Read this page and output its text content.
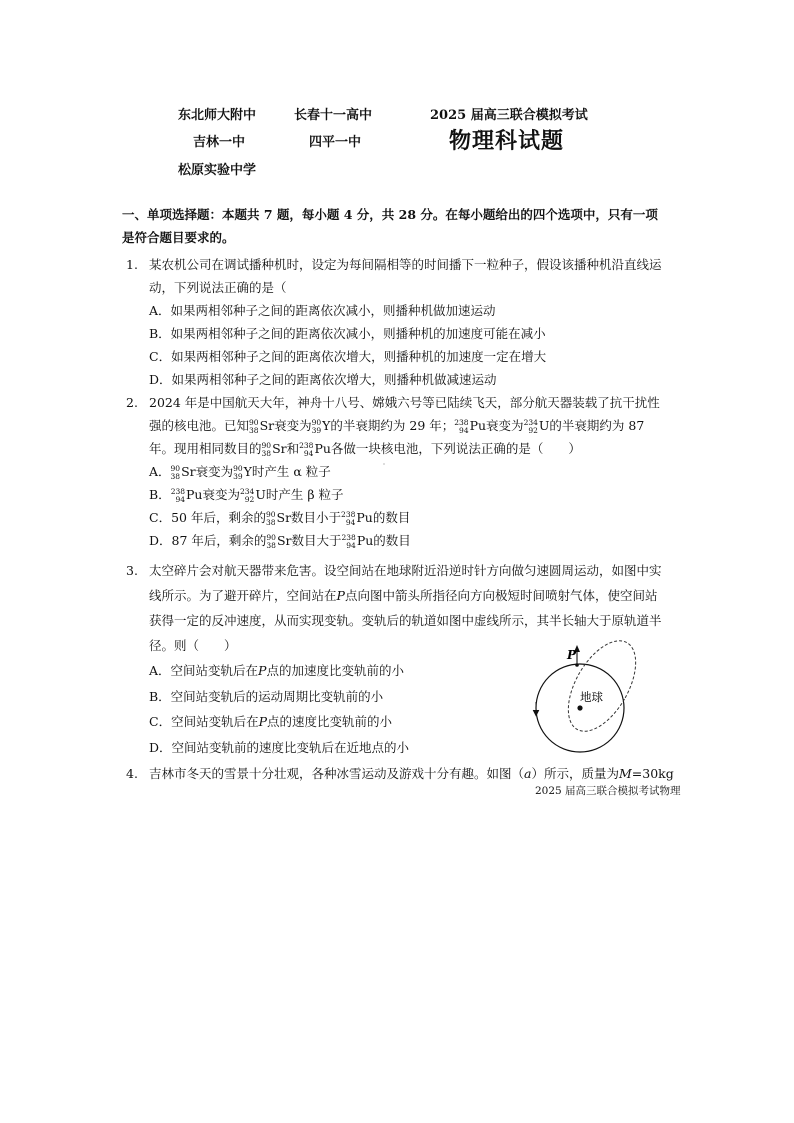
东北师大附中	长春十一高中	2025 届高三联合模拟考试
吉林一中	四平一中	物理科试题
松原实验中学
一、单项选择题：本题共 7 题，每小题 4 分，共 28 分。在每小题给出的四个选项中，只有一项是符合题目要求的。
1. 某农机公司在调试播种机时，设定为每间隔相等的时间播下一粒种子，假设该播种机沿直线运动，下列说法正确的是（
A．如果两相邻种子之间的距离依次减小，则播种机做加速运动
B．如果两相邻种子之间的距离依次减小，则播种机的加速度可能在减小
C．如果两相邻种子之间的距离依次增大，则播种机的加速度一定在增大
D．如果两相邻种子之间的距离依次增大，则播种机做减速运动
2. 2024 年是中国航天大年，神舟十八号、嫦娥六号等已陆续飞天，部分航天器装载了抗干扰性强的核电池。已知 90
38 Sr衰变为 90
39 Y的半衰期约为 29 年； 238
94 Pu衰变为 234
92 U的半衰期约为 87 年。现用相同数目的 90
38 Sr和 238
94 Pu各做一块核电池，下列说法正确的是（　　）
A． 90
38 Sr衰变为 90
39 Y时产生 α 粒子
B． 238
94 Pu衰变为 234
92 U时产生 β 粒子
C．50 年后，剩余的 90
38 Sr数目小于 238
94 Pu的数目
D．87 年后，剩余的 90
38 Sr数目大于 238
94 Pu的数目
3. 太空碎片会对航天器带来危害。设空间站在地球附近沿逆时针方向做匀速圆周运动，如图中实线所示。为了避开碎片，空间站在P点向图中箭头所指径向方向极短时间喷射气体，使空间站获得一定的反冲速度，从而实现变轨。变轨后的轨道如图中虚线所示，其半长轴大于原轨道半径。则（　　）
A．空间站变轨后在P点的加速度比变轨前的小
B．空间站变轨后的运动周期比变轨前的小
C．空间站变轨后在P点的速度比变轨前的小
D．空间站变轨前的速度比变轨后在近地点的小
4. 吉林市冬天的雪景十分壮观，各种冰雪运动及游戏十分有趣。如图（a）所示，质量为M=30kg
P
地球
2025 届高三联合模拟考试物理
